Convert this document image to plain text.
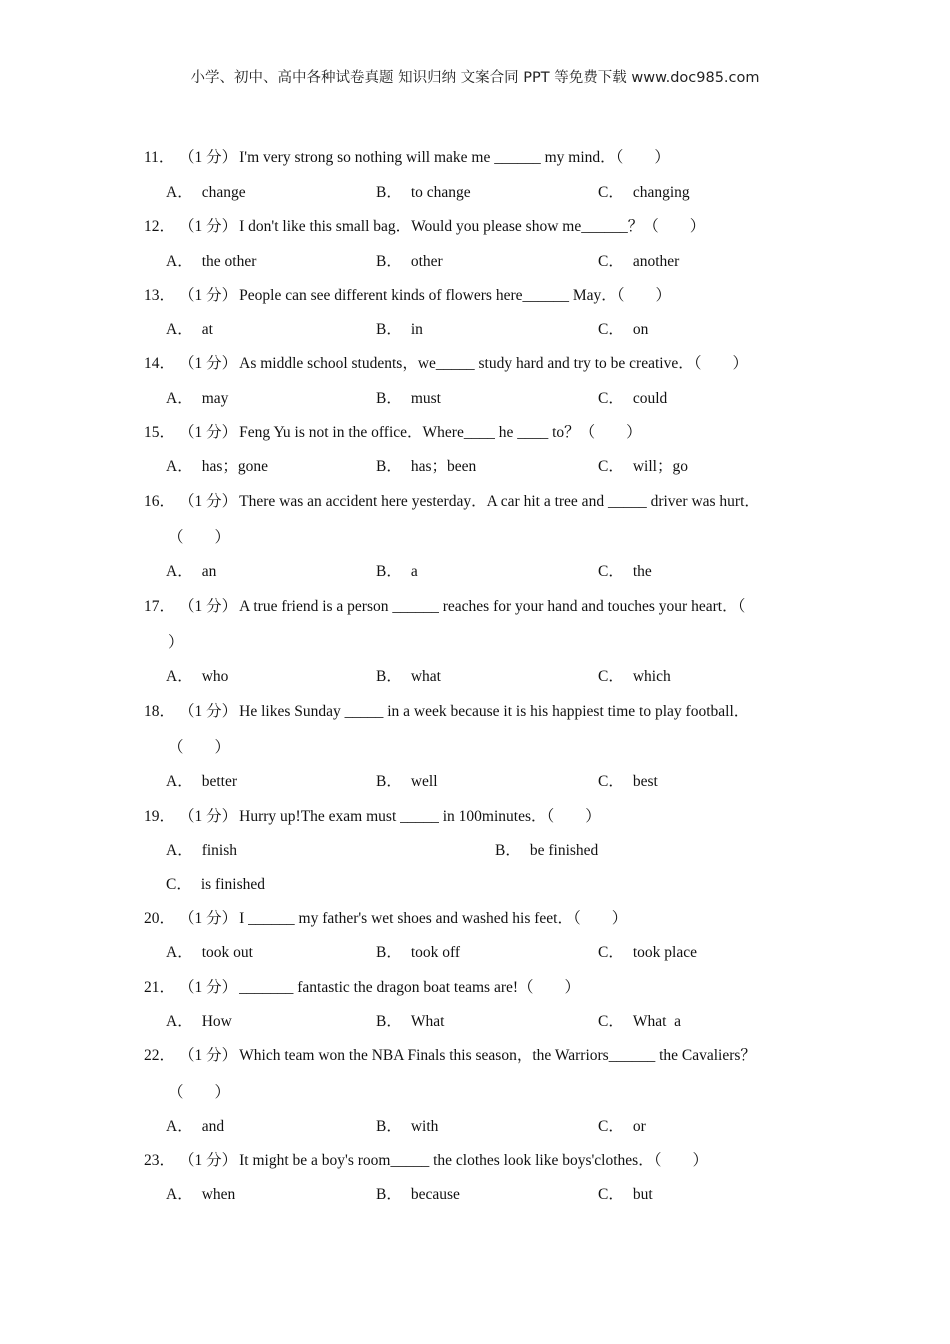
小学、初中、高中各种试卷真题 知识归纳 文案合同 PPT 等免费下载 www.doc985.com
11． （1 分） I'm very strong so nothing will make me ______ my mind．（　　）
A． change	B． to change	C． changing
12． （1 分） I don't like this small bag．Would you please show me______？（　　）
A． the other	B． other	C． another
13． （1 分） People can see different kinds of flowers here______ May．（　　）
A． at	B． in	C． on
14． （1 分） As middle school students，we_____ study hard and try to be creative．（　　）
A． may	B． must	C． could
15． （1 分） Feng Yu is not in the office．Where____ he ____ to？（　　）
A． has；gone	B． has；been	C． will；go
16． （1 分） There was an accident here yesterday．A car hit a tree and _____ driver was hurt．
（　　）
A． an	B． a	C． the
17． （1 分） A true friend is a person ______ reaches for your hand and touches your heart．（
）
A． who	B． what	C． which
18． （1 分） He likes Sunday _____ in a week because it is his happiest time to play football．
（　　）
A． better	B． well	C． best
19． （1 分） Hurry up!The exam must _____ in 100minutes．（　　）
A． finish	B． be finished
C． is finished
20． （1 分） I ______ my father's wet shoes and washed his feet．（　　）
A． took out	B． took off	C． took place
21． （1 分） _______ fantastic the dragon boat teams are!（　　）
A． How	B． What	C． What  a
22． （1 分） Which team won the NBA Finals this season，the Warriors______ the Cavaliers？
（　　）
A． and	B． with	C． or
23． （1 分） It might be a boy's room_____ the clothes look like boys'clothes．（　　）
A． when	B． because	C． but
